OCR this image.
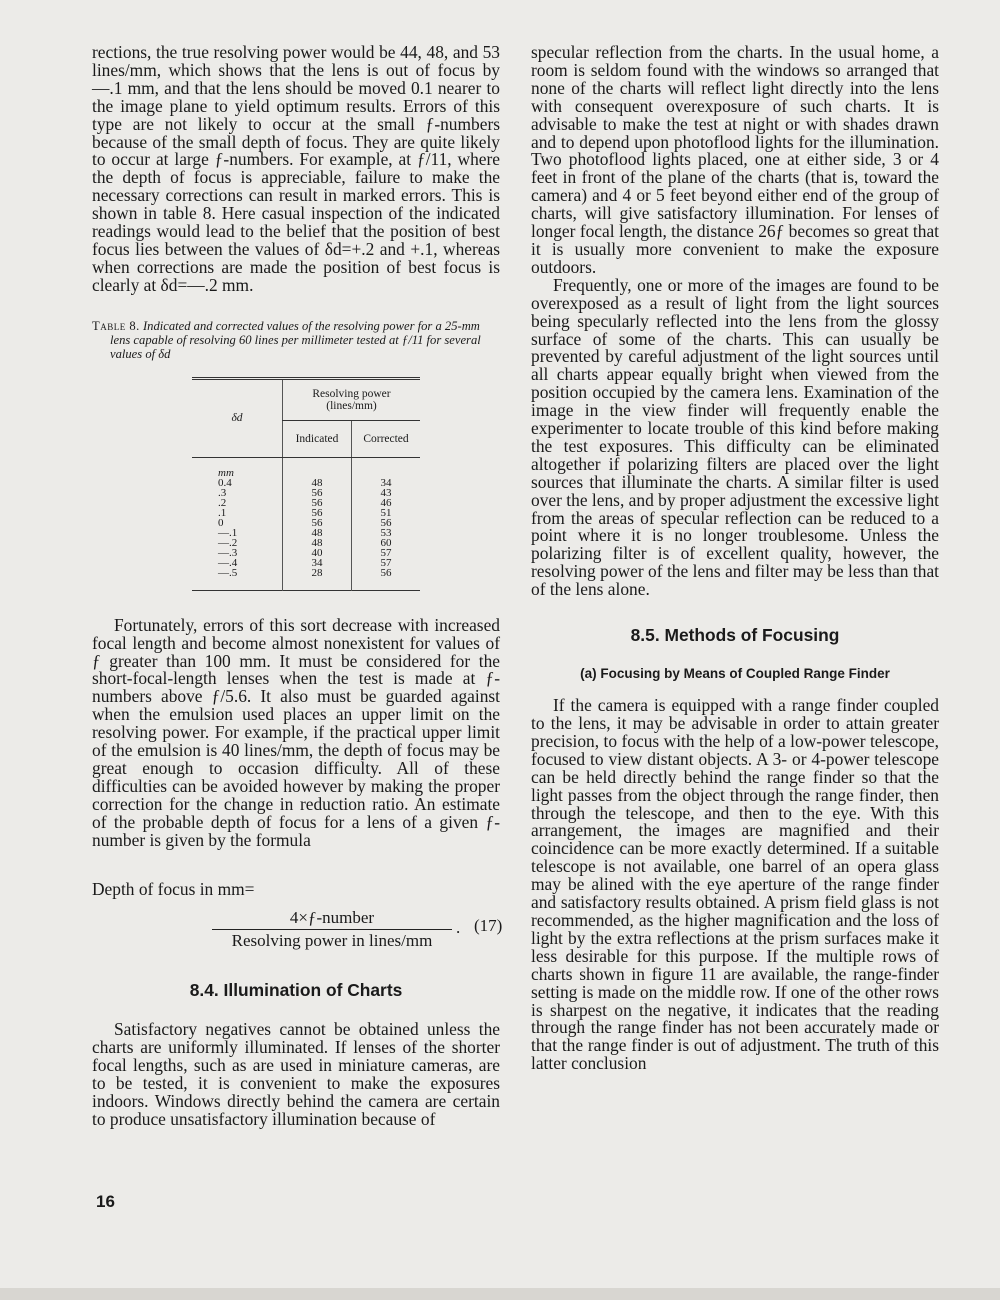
rections, the true resolving power would be 44, 48, and 53 lines/mm, which shows that the lens is out of focus by —.1 mm, and that the lens should be moved 0.1 nearer to the image plane to yield optimum results. Errors of this type are not likely to occur at the small ƒ-numbers because of the small depth of focus. They are quite likely to occur at large ƒ-numbers. For example, at ƒ/11, where the depth of focus is appreciable, failure to make the necessary corrections can result in marked errors. This is shown in table 8. Here casual inspection of the indicated readings would lead to the belief that the position of best focus lies between the values of δd=+.2 and +.1, whereas when corrections are made the position of best focus is clearly at δd=—.2 mm.

Table 8. Indicated and corrected values of the resolving power for a 25-mm lens capable of resolving 60 lines per millimeter tested at ƒ/11 for several values of δd
δd	Resolving power (lines/mm)	
	Indicated	Corrected

mm		
0.4	48	34
.3	56	43
.2	56	46
.1	56	51
0	56	56
—.1	48	53
—.2	48	60
—.3	40	57
—.4	34	57
—.5	28	56

Fortunately, errors of this sort decrease with increased focal length and become almost nonexistent for values of ƒ greater than 100 mm. It must be considered for the short-focal-length lenses when the test is made at ƒ-numbers above ƒ/5.6. It also must be guarded against when the emulsion used places an upper limit on the resolving power. For example, if the practical upper limit of the emulsion is 40 lines/mm, the depth of focus may be great enough to occasion difficulty. All of these difficulties can be avoided however by making the proper correction for the change in reduction ratio. An estimate of the probable depth of focus for a lens of a given ƒ-number is given by the formula

Depth of focus in mm=
4×ƒ-number
Resolving power in lines/mm
. (17)
8.4. Illumination of Charts

Satisfactory negatives cannot be obtained unless the charts are uniformly illuminated. If lenses of the shorter focal lengths, such as are used in miniature cameras, are to be tested, it is convenient to make the exposures indoors. Windows directly behind the camera are certain to produce unsatisfactory illumination because of

specular reflection from the charts. In the usual home, a room is seldom found with the windows so arranged that none of the charts will reflect light directly into the lens with consequent overexposure of such charts. It is advisable to make the test at night or with shades drawn and to depend upon photoflood lights for the illumination. Two photoflood lights placed, one at either side, 3 or 4 feet in front of the plane of the charts (that is, toward the camera) and 4 or 5 feet beyond either end of the group of charts, will give satisfactory illumination. For lenses of longer focal length, the distance 26ƒ becomes so great that it is usually more convenient to make the exposure outdoors.

Frequently, one or more of the images are found to be overexposed as a result of light from the light sources being specularly reflected into the lens from the glossy surface of some of the charts. This can usually be prevented by careful adjustment of the light sources until all charts appear equally bright when viewed from the position occupied by the camera lens. Examination of the image in the view finder will frequently enable the experimenter to locate trouble of this kind before making the test exposures. This difficulty can be eliminated altogether if polarizing filters are placed over the light sources that illuminate the charts. A similar filter is used over the lens, and by proper adjustment the excessive light from the areas of specular reflection can be reduced to a point where it is no longer troublesome. Unless the polarizing filter is of excellent quality, however, the resolving power of the lens and filter may be less than that of the lens alone.

8.5. Methods of Focusing
(a) Focusing by Means of Coupled Range Finder

If the camera is equipped with a range finder coupled to the lens, it may be advisable in order to attain greater precision, to focus with the help of a low-power telescope, focused to view distant objects. A 3- or 4-power telescope can be held directly behind the range finder so that the light passes from the object through the range finder, then through the telescope, and then to the eye. With this arrangement, the images are magnified and their coincidence can be more exactly determined. If a suitable telescope is not available, one barrel of an opera glass may be alined with the eye aperture of the range finder and satisfactory results obtained. A prism field glass is not recommended, as the higher magnification and the loss of light by the extra reflections at the prism surfaces make it less desirable for this purpose. If the multiple rows of charts shown in figure 11 are available, the range-finder setting is made on the middle row. If one of the other rows is sharpest on the negative, it indicates that the reading through the range finder has not been accurately made or that the range finder is out of adjustment. The truth of this latter conclusion

16
